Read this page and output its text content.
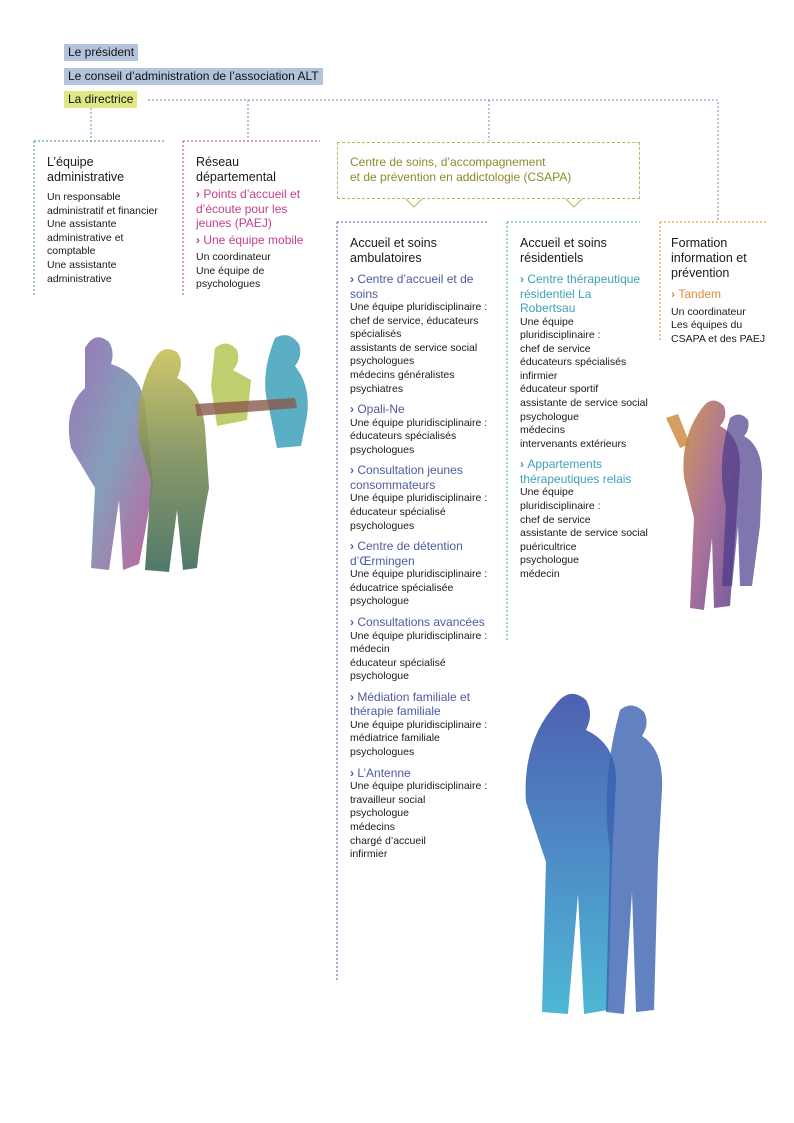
Le président
Le conseil d’administration de l’association ALT
La directrice
L’équipe administrative

Un responsable administratif et financier

Une assistante administrative et comptable

Une assistante administrative

Réseau départemental
› Points d’accueil et d’écoute pour les jeunes (PAEJ)
› Une équipe mobile

Un coordinateur

Une équipe de psychologues

Centre de soins, d’accompagnement
et de prévention en addictologie (CSAPA)
Accueil et soins ambulatoires
› Centre d’accueil et de soins

Une équipe pluridisciplinaire :

chef de service, éducateurs spécialisés

assistants de service social

psychologues

médecins généralistes

psychiatres

› Opali-Ne

Une équipe pluridisciplinaire :

éducateurs spécialisés

psychologues

› Consultation jeunes consommateurs

Une équipe pluridisciplinaire :

éducateur spécialisé

psychologues

› Centre de détention d’Œrmingen

Une équipe pluridisciplinaire :

éducatrice spécialisée

psychologue

› Consultations avancées

Une équipe pluridisciplinaire :

médecin

éducateur spécialisé

psychologue

› Médiation familiale et thérapie familiale

Une équipe pluridisciplinaire :

médiatrice familiale

psychologues

› L’Antenne

Une équipe pluridisciplinaire :

travailleur social

psychologue

médecins

chargé d’accueil

infirmier

Accueil et soins résidentiels
› Centre thérapeutique résidentiel La Robertsau

Une équipe pluridisciplinaire :

chef de service

éducateurs spécialisés

infirmier

éducateur sportif

assistante de service social

psychologue

médecins

intervenants extérieurs

› Appartements thérapeutiques relais

Une équipe pluridisciplinaire :

chef de service

assistante de service social

puéricultrice

psychologue

médecin

Formation information et prévention
› Tandem

Un coordinateur

Les équipes du CSAPA et des PAEJ
